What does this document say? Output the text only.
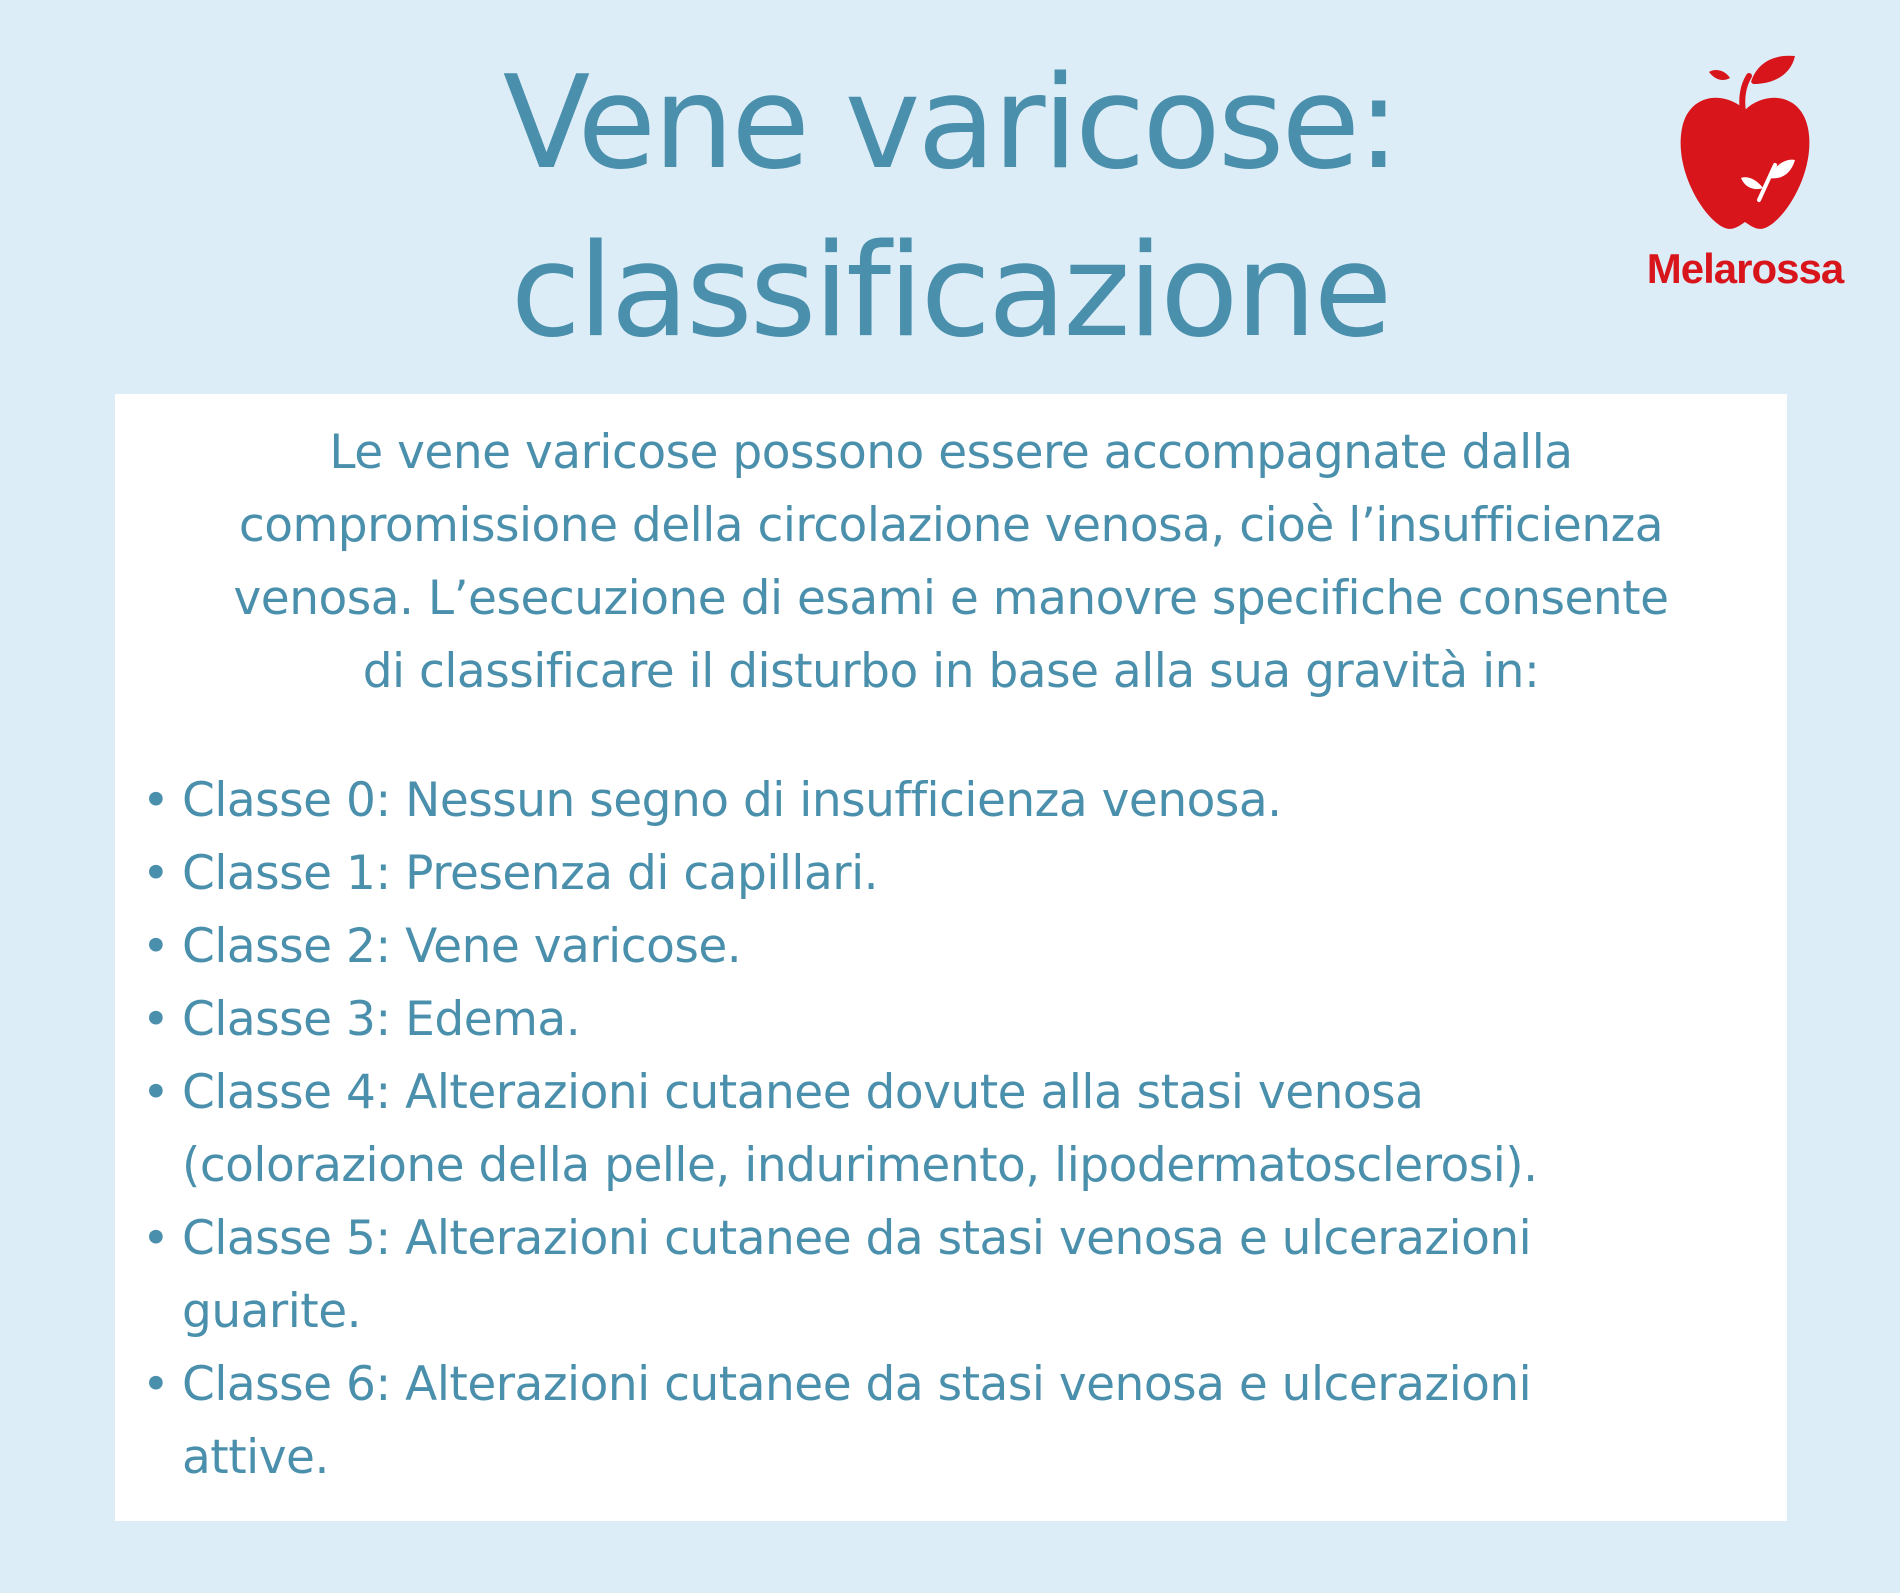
Vene varicose:
classificazione	Melarossa

Le vene varicose possono essere accompagnate dalla
compromissione della circolazione venosa, cioè l’insufficienza
venosa. L’esecuzione di esami e manovre specifiche consente
di classificare il disturbo in base alla sua gravità in:

• Classe 0: Nessun segno di insufficienza venosa.
• Classe 1: Presenza di capillari.
• Classe 2: Vene varicose.
• Classe 3: Edema.
• Classe 4: Alterazioni cutanee dovute alla stasi venosa
(colorazione della pelle, indurimento, lipodermatosclerosi).
• Classe 5: Alterazioni cutanee da stasi venosa e ulcerazioni
guarite.
• Classe 6: Alterazioni cutanee da stasi venosa e ulcerazioni
attive.
